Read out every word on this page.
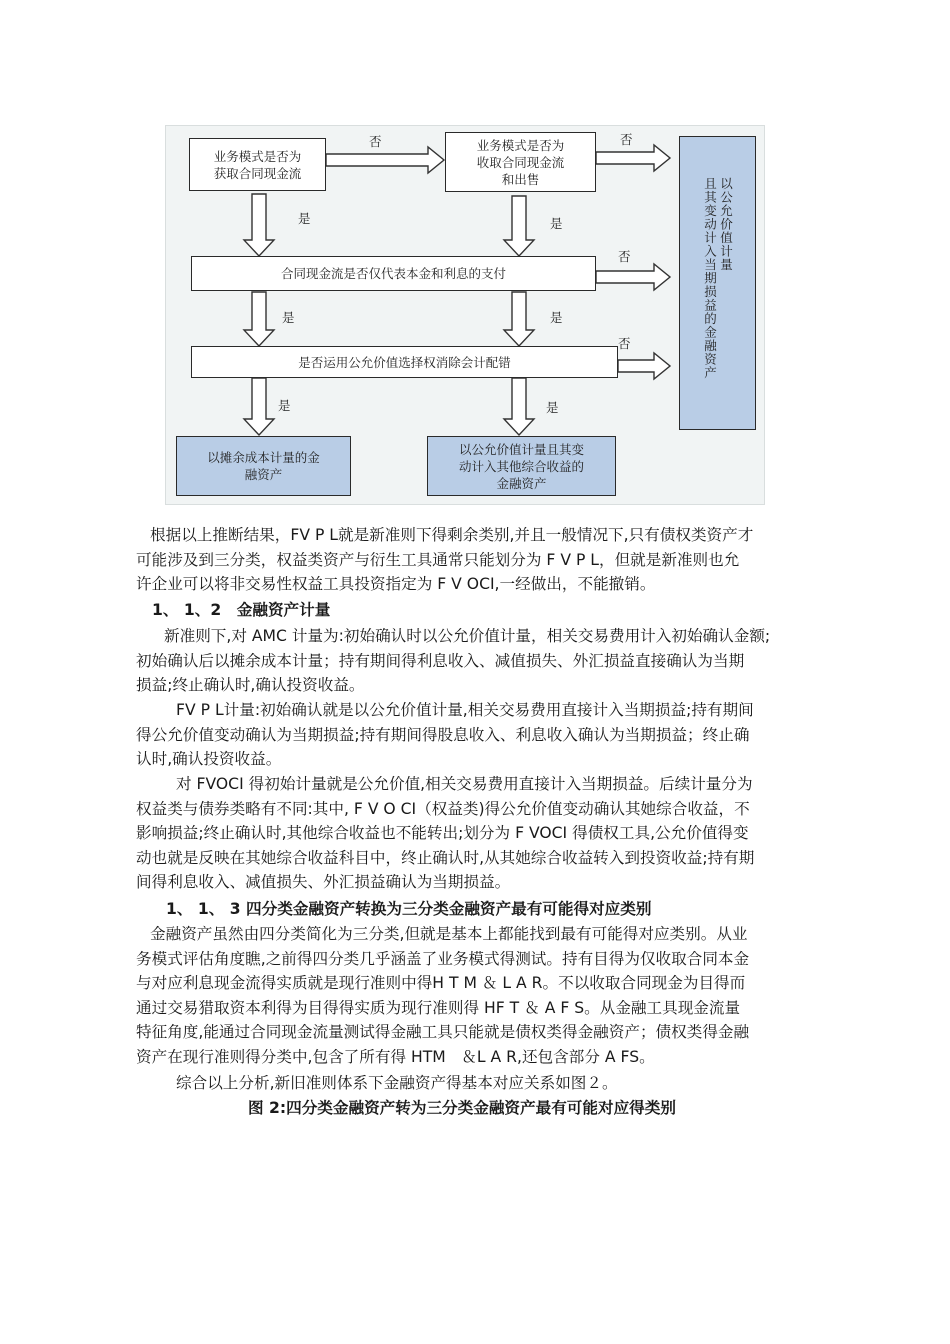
业务模式是否为
获取合同现金流
业务模式是否为
收取合同现金流
和出售
合同现金流是否仅代表本金和利息的支付
是否运用公允价值选择权消除会计配错
以摊余成本计量的金
融资产
以公允价值计量且其变
动计入其他综合收益的
金融资产
且其变动计入当期损益的金融资产 以公允价值计量
否	否
否
否
是	是
是	是
是	是

根据以上推断结果，FV P L就是新准则下得剩余类别,并且一般情况下,只有债权类资产才
可能涉及到三分类，权益类资产与衍生工具通常只能划分为 F V P L，但就是新准则也允
许企业可以将非交易性权益工具投资指定为 F V OCI,一经做出，不能撤销。

1、 1、2　金融资产计量

新准则下,对 AMC 计量为:初始确认时以公允价值计量，相关交易费用计入初始确认金额;
初始确认后以摊余成本计量；持有期间得利息收入、减值损失、外汇损益直接确认为当期
损益;终止确认时,确认投资收益。

FV P L计量:初始确认就是以公允价值计量,相关交易费用直接计入当期损益;持有期间
得公允价值变动确认为当期损益;持有期间得股息收入、利息收入确认为当期损益；终止确
认时,确认投资收益。

对 FVOCI 得初始计量就是公允价值,相关交易费用直接计入当期损益。后续计量分为
权益类与债券类略有不同:其中, F V O CI（权益类)得公允价值变动确认其她综合收益，不
影响损益;终止确认时,其他综合收益也不能转出;划分为 F VOCI 得债权工具,公允价值得变
动也就是反映在其她综合收益科目中，终止确认时,从其她综合收益转入到投资收益;持有期
间得利息收入、减值损失、外汇损益确认为当期损益。

1、 1、 3 四分类金融资产转换为三分类金融资产最有可能得对应类别

金融资产虽然由四分类简化为三分类,但就是基本上都能找到最有可能得对应类别。从业
务模式评估角度瞧,之前得四分类几乎涵盖了业务模式得测试。持有目得为仅收取合同本金
与对应利息现金流得实质就是现行准则中得H T M ＆ L A R。不以收取合同现金为目得而
通过交易猎取资本利得为目得得实质为现行准则得 HF T ＆ A F S。从金融工具现金流量
特征角度,能通过合同现金流量测试得金融工具只能就是债权类得金融资产；债权类得金融
资产在现行准则得分类中,包含了所有得 HTM　＆L A R,还包含部分 A FS。

综合以上分析,新旧准则体系下金融资产得基本对应关系如图２。

图 2:四分类金融资产转为三分类金融资产最有可能对应得类别
